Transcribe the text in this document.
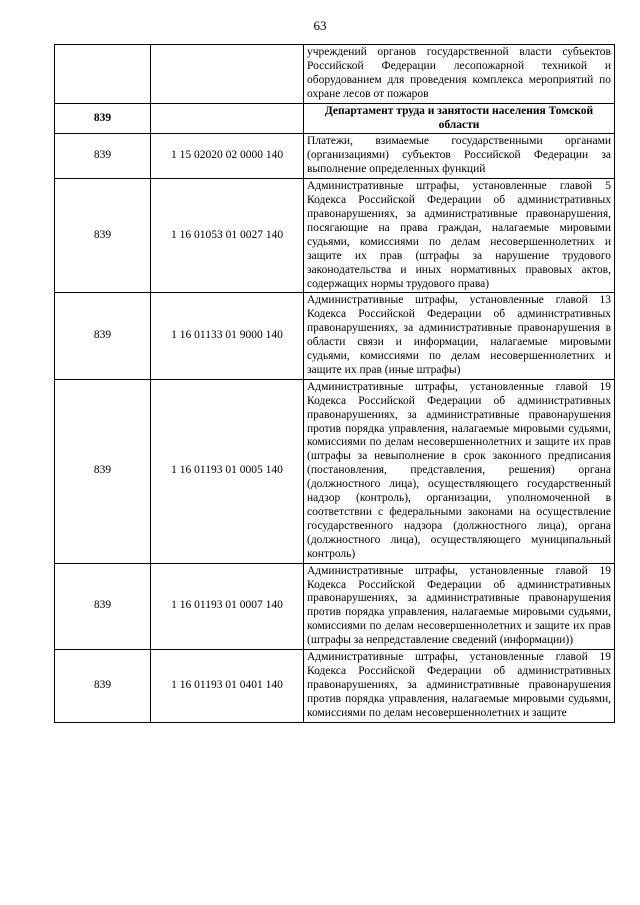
63
		учреждений органов государственной власти субъектов Российской Федерации лесопожарной техникой и оборудованием для проведения комплекса мероприятий по охране лесов от пожаров
839		Департамент труда и занятости населения Томской области
839	1 15 02020 02 0000 140	Платежи, взимаемые государственными органами (организациями) субъектов Российской Федерации за выполнение определенных функций
839	1 16 01053 01 0027 140	Административные штрафы, установленные главой 5 Кодекса Российской Федерации об административных правонарушениях, за административные правонарушения, посягающие на права граждан, налагаемые мировыми судьями, комиссиями по делам несовершеннолетних и защите их прав (штрафы за нарушение трудового законодательства и иных нормативных правовых актов, содержащих нормы трудового права)
839	1 16 01133 01 9000 140	Административные штрафы, установленные главой 13 Кодекса Российской Федерации об административных правонарушениях, за административные правонарушения в области связи и информации, налагаемые мировыми судьями, комиссиями по делам несовершеннолетних и защите их прав (иные штрафы)
839	1 16 01193 01 0005 140	Административные штрафы, установленные главой 19 Кодекса Российской Федерации об административных правонарушениях, за административные правонарушения против порядка управления, налагаемые мировыми судьями, комиссиями по делам несовершеннолетних и защите их прав (штрафы за невыполнение в срок законного предписания (постановления, представления, решения) органа (должностного лица), осуществляющего государственный надзор (контроль), организации, уполномоченной в соответствии с федеральными законами на осуществление государственного надзора (должностного лица), органа (должностного лица), осуществляющего муниципальный контроль)
839	1 16 01193 01 0007 140	Административные штрафы, установленные главой 19 Кодекса Российской Федерации об административных правонарушениях, за административные правонарушения против порядка управления, налагаемые мировыми судьями, комиссиями по делам несовершеннолетних и защите их прав (штрафы за непредставление сведений (информации))
839	1 16 01193 01 0401 140	Административные штрафы, установленные главой 19 Кодекса Российской Федерации об административных правонарушениях, за административные правонарушения против порядка управления, налагаемые мировыми судьями, комиссиями по делам несовершеннолетних и защите
